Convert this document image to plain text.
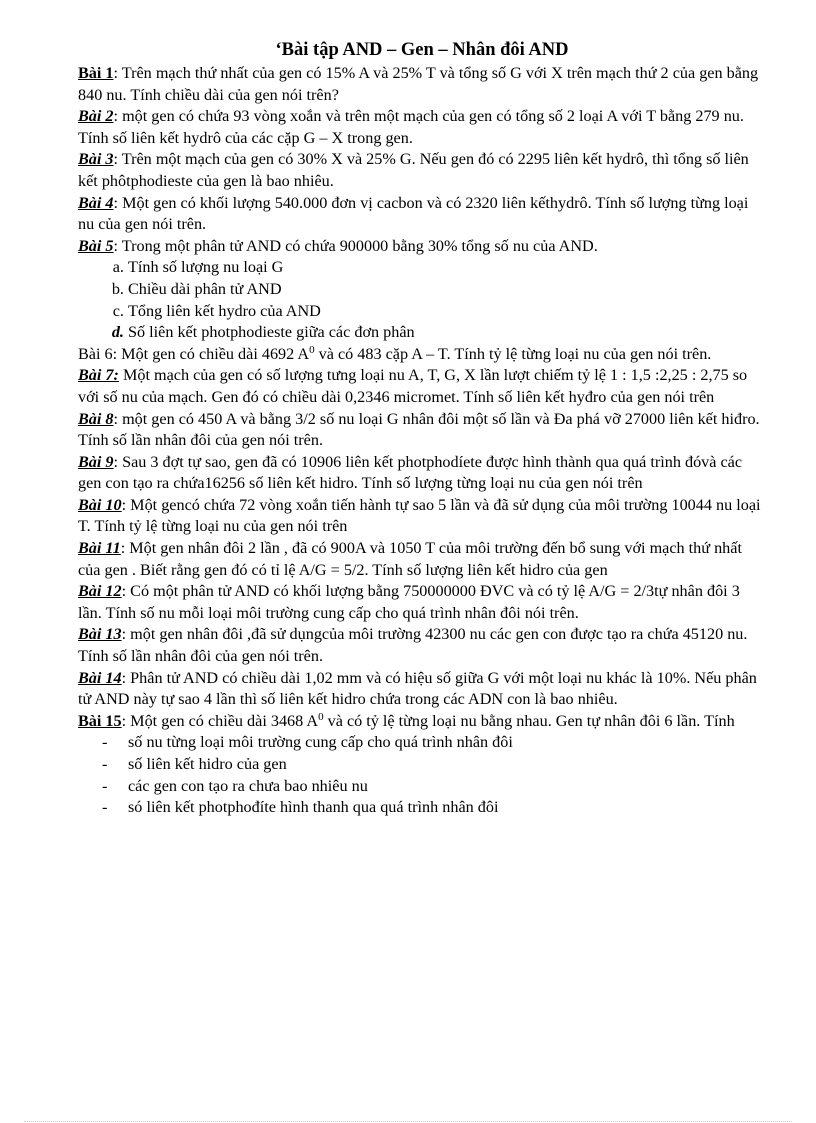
‘Bài tập AND – Gen – Nhân đôi AND

Bài 1: Trên mạch thứ nhất của gen có 15% A và 25% T và tổng số G với X trên mạch thứ 2 của gen bằng 840 nu. Tính chiều dài của gen nói trên?

Bài 2: một gen có chứa 93 vòng xoắn và trên một mạch của gen có tổng số 2 loại A với T bằng 279 nu. Tính số liên kết hydrô của các cặp G – X trong gen.

Bài 3: Trên một mạch của gen có 30% X và 25% G. Nếu gen đó có 2295 liên kết hydrô, thì tổng số liên kết phôtphodieste của gen là bao nhiêu.

Bài 4: Một gen có khối lượng 540.000 đơn vị cacbon và có 2320 liên kếthydrô. Tính số lượng từng loại nu của gen nói trên.

Bài 5: Trong một phân tử AND có chứa 900000 bằng 30% tổng số nu của AND.

a. Tính số lượng nu loại G
b. Chiều dài phân tử AND
c. Tổng liên kết hydro của AND
d. Số liên kết photphodieste giữa các đơn phân

Bài 6: Một gen có chiều dài 4692 $A^0$ và có 483 cặp A – T. Tính tỷ lệ từng loại nu của gen nói trên.

Bài 7: Một mạch của gen có số lượng tưng loại nu A, T, G, X lần lượt chiếm tỷ lệ 1 : 1,5 :2,25 : 2,75 so với số nu của mạch. Gen đó có chiều dài 0,2346 micromet. Tính số liên kết hyđro của gen nói trên

Bài 8: một gen có 450 A và bằng 3/2 số nu loại G nhân đôi một số lần và Đa phá vỡ 27000 liên kết hiđro. Tính số lần nhân đôi của gen nói trên.

Bài 9: Sau 3 đợt tự sao, gen đã có 10906 liên kết photphodíete được hình thành qua quá trình đóvà các gen con tạo ra chứa16256 số liên kết hidro. Tính số lượng từng loại nu của gen nói trên

Bài 10: Một gencó chứa 72 vòng xoắn tiến hành tự sao 5 lần và đã sử dụng của môi trường 10044 nu loại T. Tính tỷ lệ từng loại nu của gen nói trên

Bài 11: Một gen nhân đôi 2 lần , đã có 900A và 1050 T của môi trường đến bổ sung với mạch thứ nhất của gen . Biết rằng gen đó có tỉ lệ A/G = 5/2. Tính số lượng liên kết hidro của gen

Bài 12: Có một phân tử AND có khối lượng bằng 750000000 ĐVC và có tỷ lệ A/G = 2/3tự nhân đôi 3 lần. Tính số nu mỗi loại môi trường cung cấp cho quá trình nhân đôi nói trên.

Bài 13: một gen nhân đôi ,đã sử dụngcủa môi trường 42300 nu các gen con được tạo ra chứa 45120 nu. Tính số lần nhân đôi của gen nói trên.

Bài 14: Phân tử AND có chiều dài 1,02 mm và có hiệu số giữa G với một loại nu khác là 10%. Nếu phân tử AND này tự sao 4 lần thì số liên kết hidro chứa trong các ADN con là bao nhiêu.

Bài 15: Một gen có chiều dài 3468 $A^0$ và có tỷ lệ từng loại nu bằng nhau. Gen tự nhân đôi 6 lần. Tính

- số nu từng loại môi trường cung cấp cho quá trình nhân đôi
- số liên kết hidro của gen
- các gen con tạo ra chưa bao nhiêu nu
- só liên kết photphođíte hình thanh qua quá trình nhân đôi
